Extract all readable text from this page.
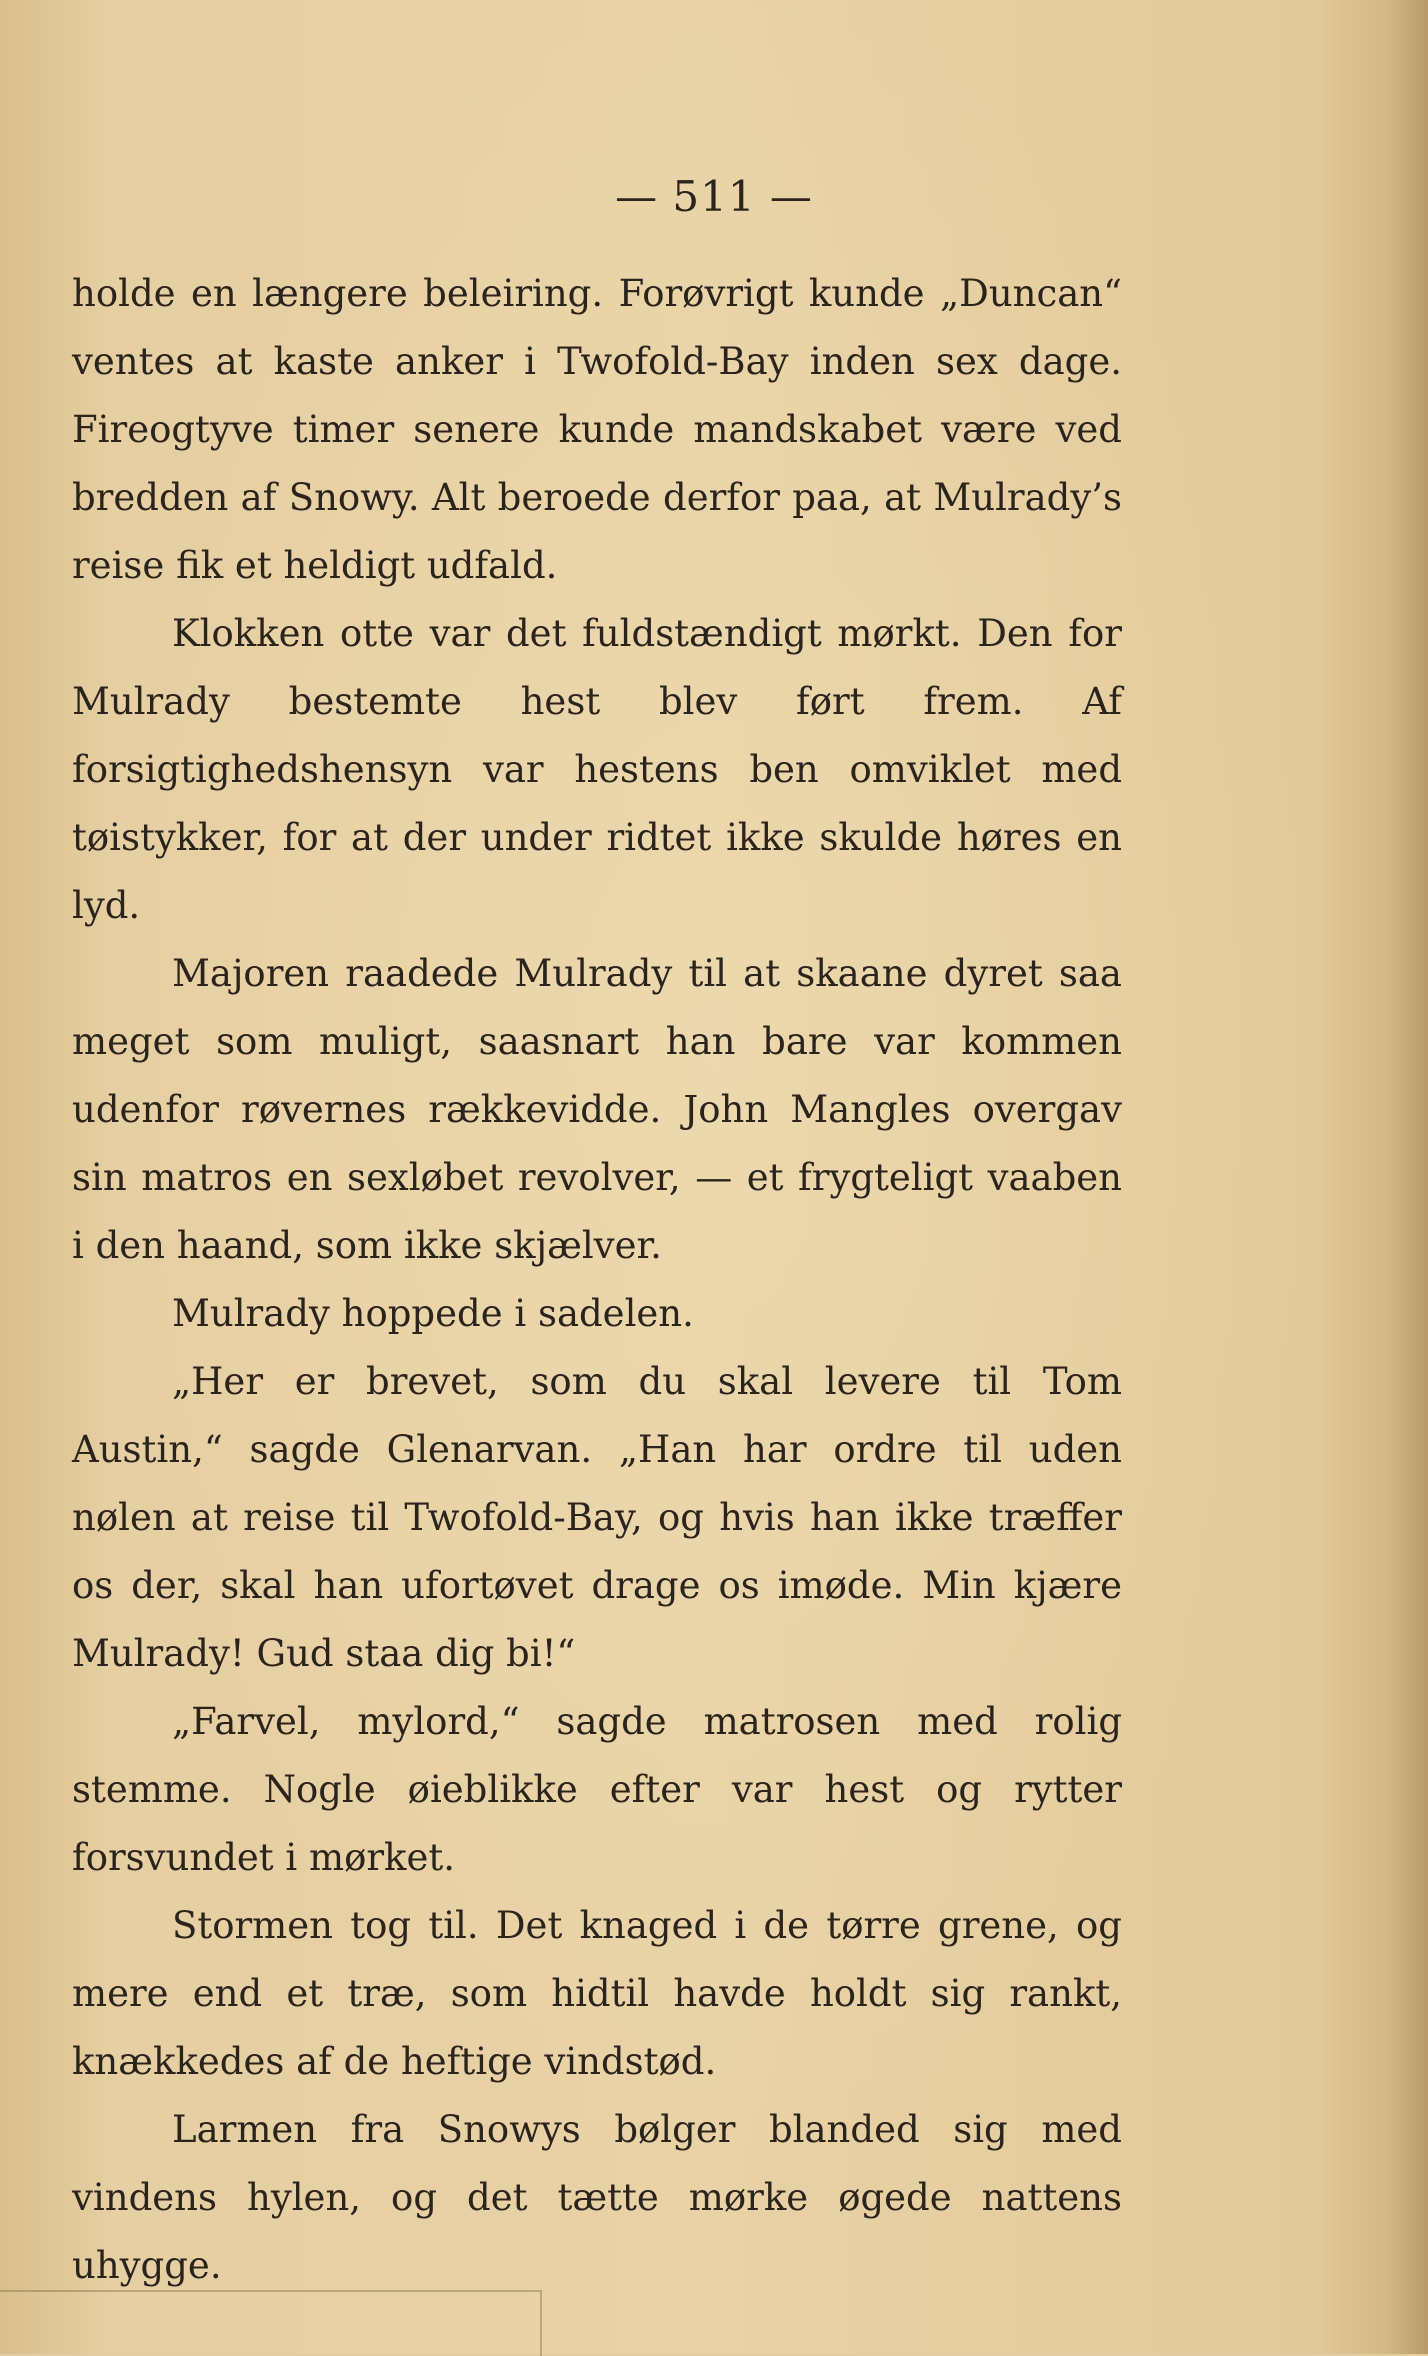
— 511 —

holde en længere beleiring. Forøvrigt kunde „Duncan“ ventes at kaste anker i Twofold-Bay inden sex dage. Fireogtyve timer senere kunde mandskabet være ved bredden af Snowy. Alt beroede derfor paa, at Mulrady’s reise fik et heldigt udfald.

Klokken otte var det fuldstændigt mørkt. Den for Mulrady bestemte hest blev ført frem. Af forsigtighedshensyn var hestens ben omviklet med tøistykker, for at der under ridtet ikke skulde høres en lyd.

Majoren raadede Mulrady til at skaane dyret saa meget som muligt, saasnart han bare var kommen udenfor røvernes rækkevidde. John Mangles overgav sin matros en sexløbet revolver, — et frygteligt vaaben i den haand, som ikke skjælver.

Mulrady hoppede i sadelen.

„Her er brevet, som du skal levere til Tom Austin,“ sagde Glenarvan. „Han har ordre til uden nølen at reise til Twofold-Bay, og hvis han ikke træffer os der, skal han ufortøvet drage os imøde. Min kjære Mulrady! Gud staa dig bi!“

„Farvel, mylord,“ sagde matrosen med rolig stemme. Nogle øieblikke efter var hest og rytter forsvundet i mørket.

Stormen tog til. Det knaged i de tørre grene, og mere end et træ, som hidtil havde holdt sig rankt, knækkedes af de heftige vindstød.

Larmen fra Snowys bølger blanded sig med vindens hylen, og det tætte mørke øgede nattens uhygge.
